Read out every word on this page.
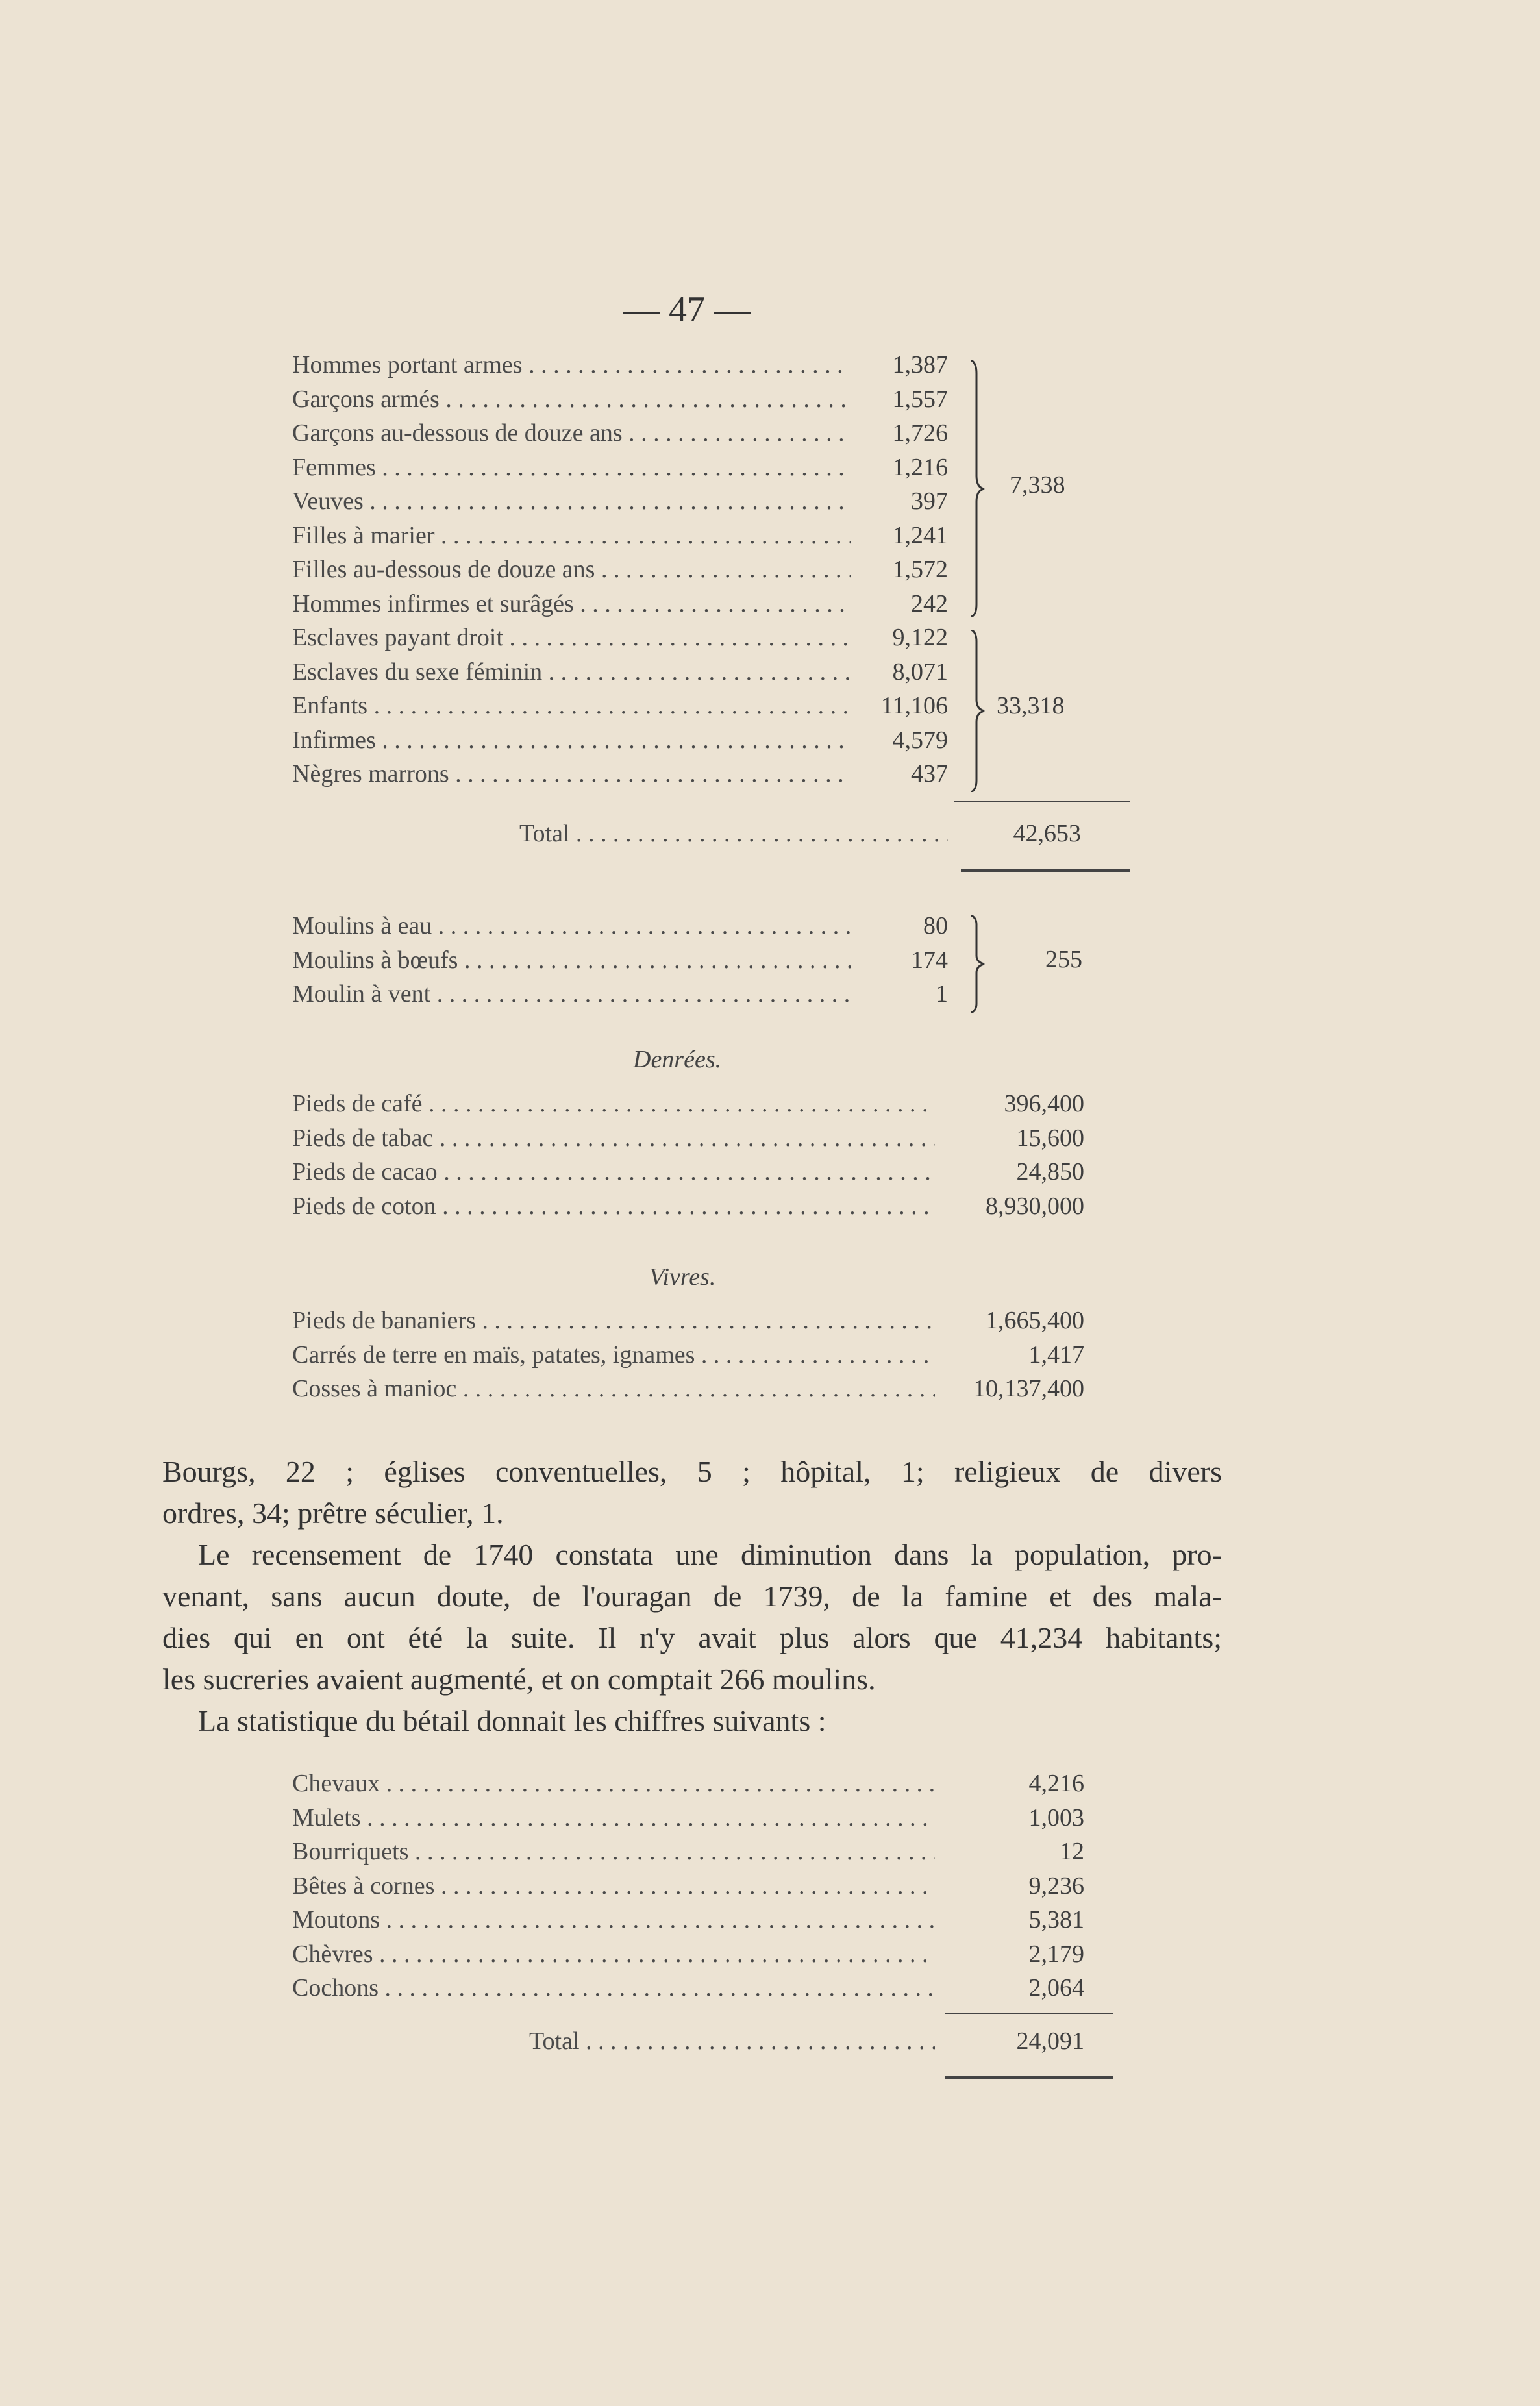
— 47 —
Hommes portant armes . . .	1,387
Garçons armés . . .	1,557
Garçons au-dessous de douze ans . . .	1,726
Femmes . . .	1,216
Veuves . . .	397
Filles à marier . . .	1,241
Filles au-dessous de douze ans . . .	1,572
Hommes infirmes et surâgés . . .	242
7,338
Esclaves payant droit . . .	9,122
Esclaves du sexe féminin . . .	8,071
Enfants . . .	11,106
Infirmes . . .	4,579
Nègres marrons . . .	437
33,318
Total . . .	42,653
Moulins à eau . . .	80
Moulins à bœufs . . .	174
Moulin à vent . . .	1
255
Denrées.
Pieds de café . . .	396,400
Pieds de tabac . . .	15,600
Pieds de cacao . . .	24,850
Pieds de coton . . .	8,930,000
Vivres.
Pieds de bananiers . . .	1,665,400
Carrés de terre en maïs, patates, ignames . . .	1,417
Cosses à manioc . . .	10,137,400
Bourgs, 22 ; églises conventuelles, 5 ; hôpital, 1; religieux de divers
ordres, 34; prêtre séculier, 1.
Le recensement de 1740 constata une diminution dans la population, pro-
venant, sans aucun doute, de l'ouragan de 1739, de la famine et des mala-
dies qui en ont été la suite. Il n'y avait plus alors que 41,234 habitants;
les sucreries avaient augmenté, et on comptait 266 moulins.
La statistique du bétail donnait les chiffres suivants :
Chevaux . . .	4,216
Mulets . . .	1,003
Bourriquets . . .	12
Bêtes à cornes . . .	9,236
Moutons . . .	5,381
Chèvres . . .	2,179
Cochons . . .	2,064
Total . . .	24,091
